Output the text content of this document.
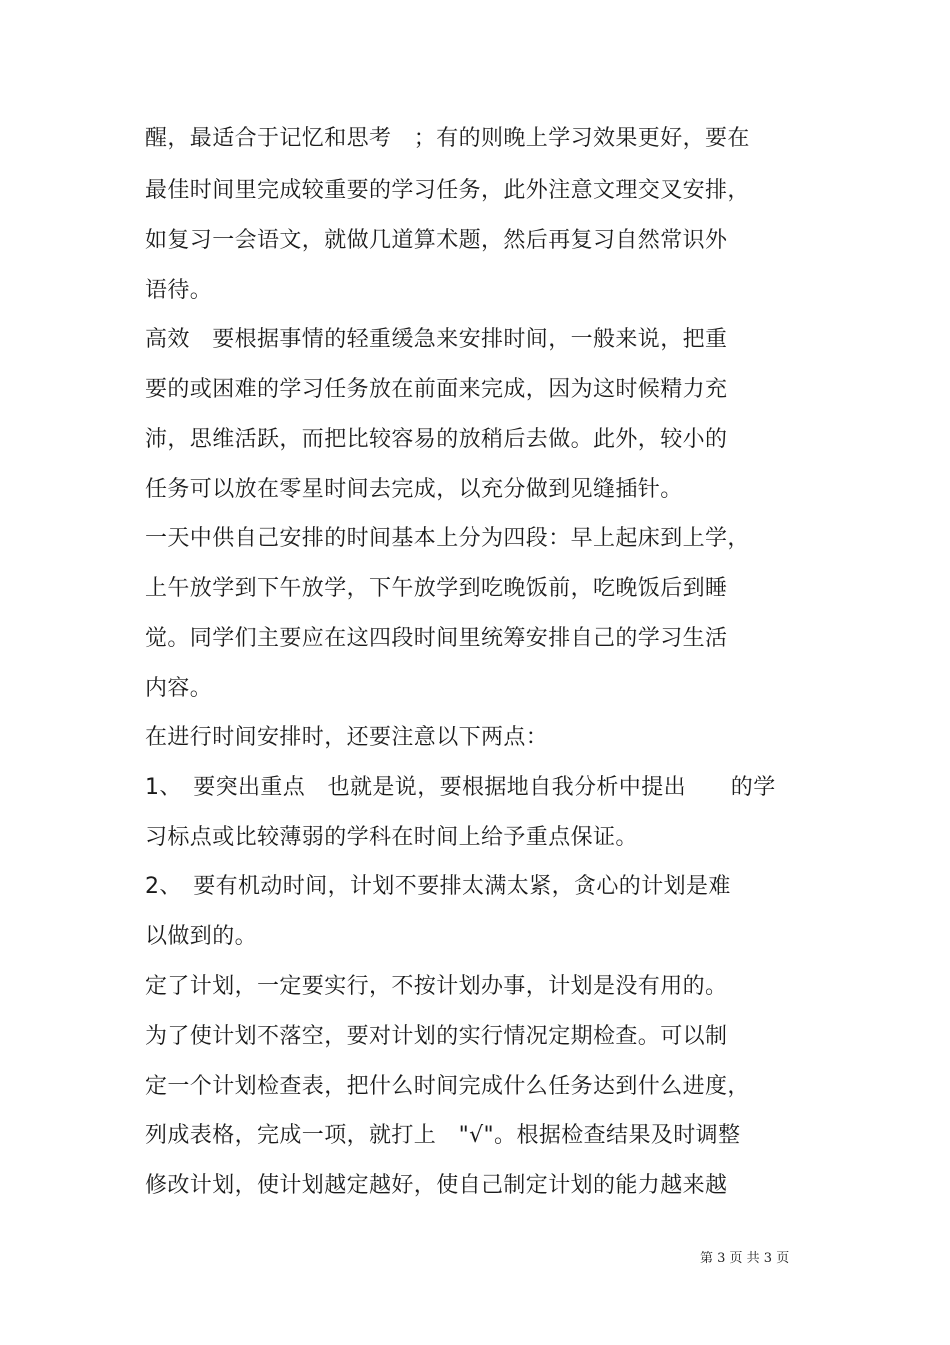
醒，最适合于记忆和思考　；有的则晚上学习效果更好，要在
最佳时间里完成较重要的学习任务，此外注意文理交叉安排，
如复习一会语文，就做几道算术题，然后再复习自然常识外
语待。
高效　要根据事情的轻重缓急来安排时间，一般来说，把重
要的或困难的学习任务放在前面来完成，因为这时候精力充
沛，思维活跃，而把比较容易的放稍后去做。此外，较小的
任务可以放在零星时间去完成，以充分做到见缝插针。
一天中供自己安排的时间基本上分为四段：早上起床到上学，
上午放学到下午放学，下午放学到吃晚饭前，吃晚饭后到睡
觉。同学们主要应在这四段时间里统筹安排自己的学习生活
内容。
在进行时间安排时，还要注意以下两点：
1、　要突出重点　也就是说，要根据地自我分析中提出　　的学
习标点或比较薄弱的学科在时间上给予重点保证。
2、　要有机动时间，计划不要排太满太紧，贪心的计划是难
以做到的。
定了计划，一定要实行，不按计划办事，计划是没有用的。
为了使计划不落空，要对计划的实行情况定期检查。可以制
定一个计划检查表，把什么时间完成什么任务达到什么进度，
列成表格，完成一项，就打上　"√"。根据检查结果及时调整
修改计划，使计划越定越好，使自己制定计划的能力越来越
第 3 页 共 3 页
